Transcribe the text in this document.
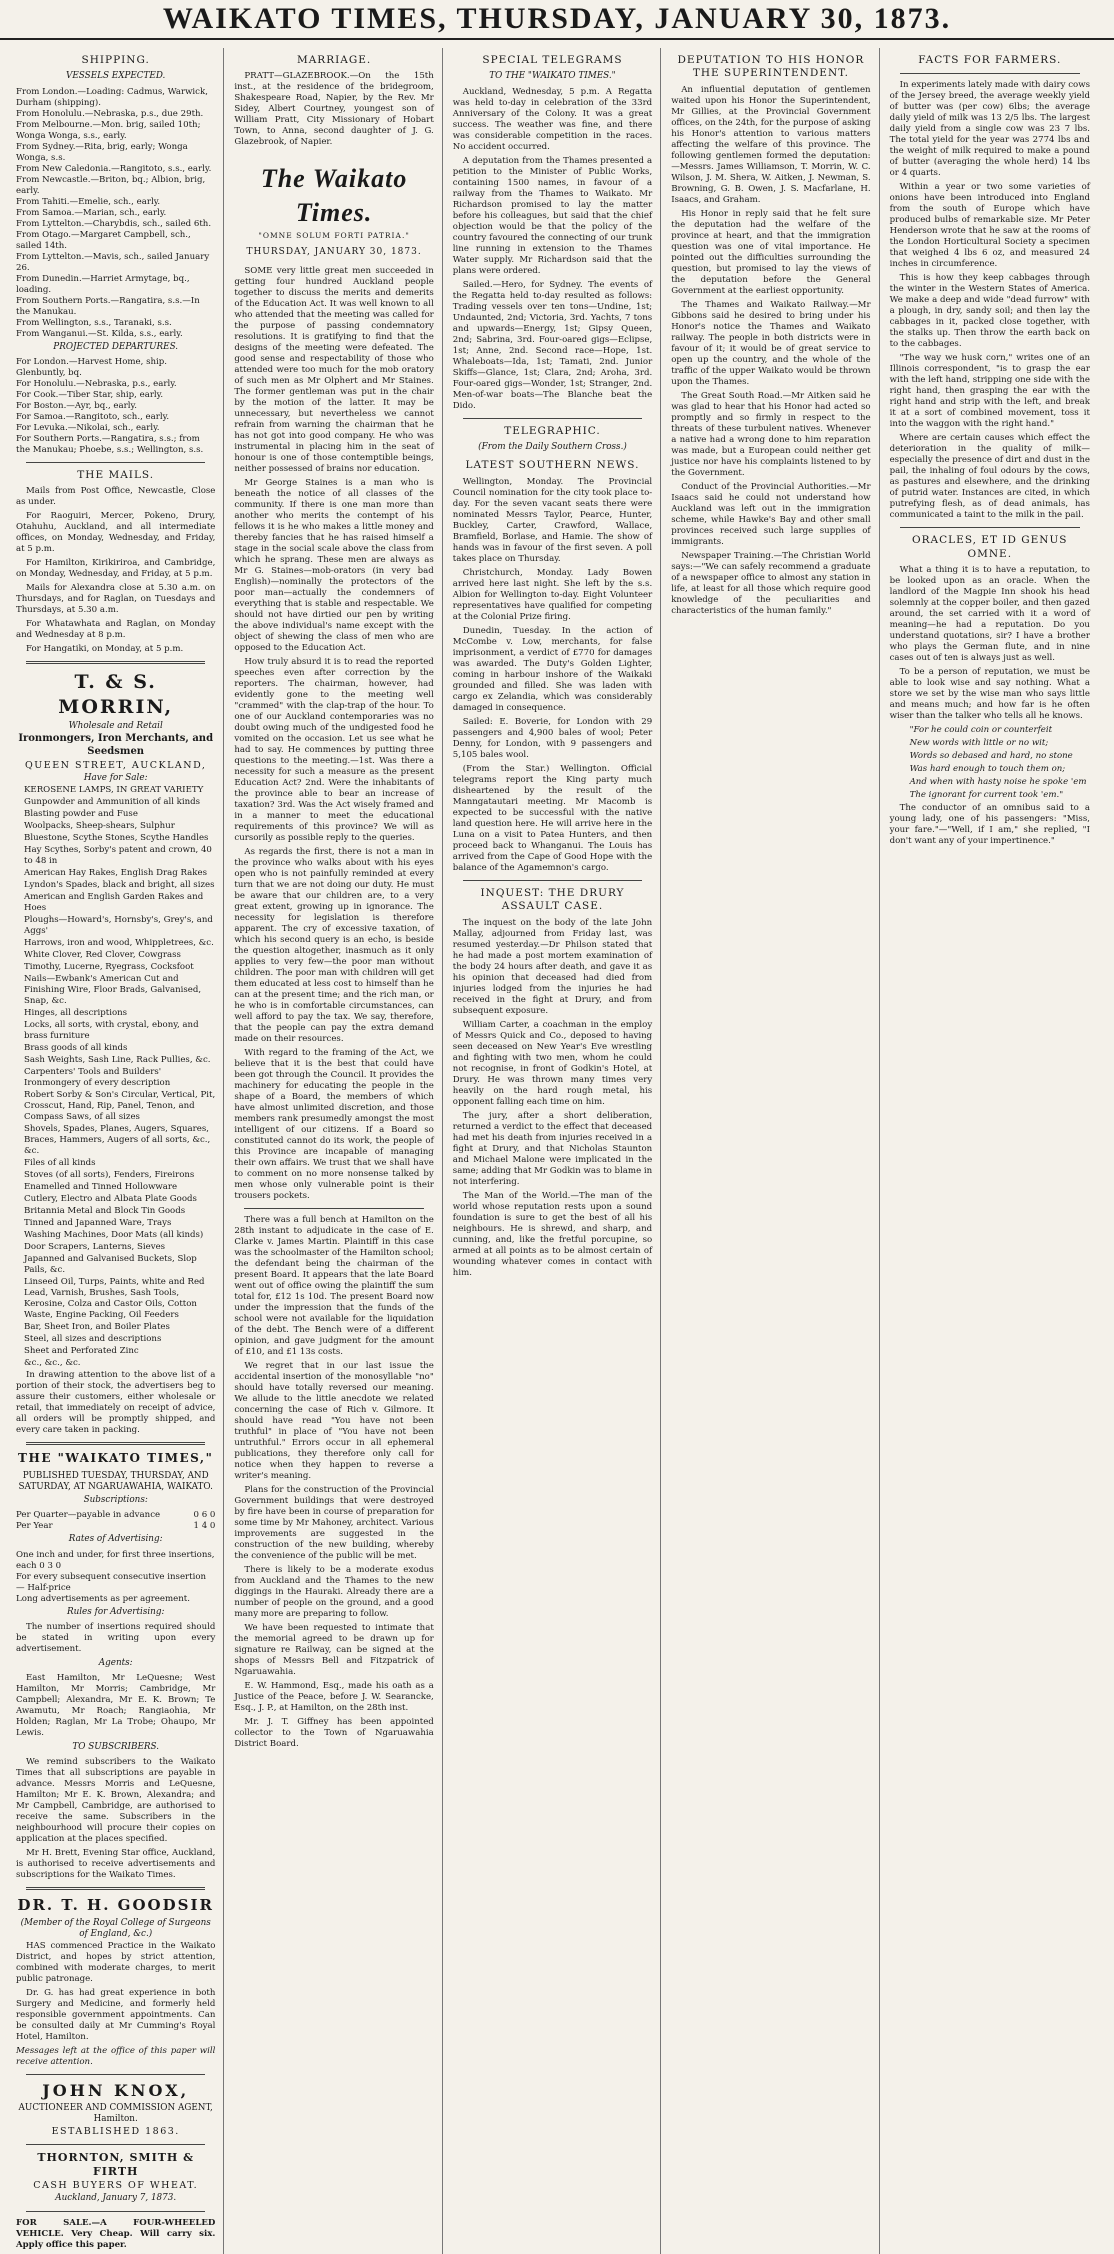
WAIKATO TIMES, THURSDAY, JANUARY 30, 1873.
SHIPPING.
VESSELS EXPECTED.

From London.—Loading: Cadmus, Warwick, Durham (shipping).

From Honolulu.—Nebraska, p.s., due 29th.

From Melbourne.—Mon. brig, sailed 10th; Wonga Wonga, s.s., early.

From Sydney.—Rita, brig, early; Wonga Wonga, s.s.

From New Caledonia.—Rangitoto, s.s., early.

From Newcastle.—Briton, bq.; Albion, brig, early.

From Tahiti.—Emelie, sch., early.

From Samoa.—Marian, sch., early.

From Lyttelton.—Charybdis, sch., sailed 6th.

From Otago.—Margaret Campbell, sch., sailed 14th.

From Lyttelton.—Mavis, sch., sailed January 26.

From Dunedin.—Harriet Armytage, bq., loading.

From Southern Ports.—Rangatira, s.s.—In the Manukau.

From Wellington, s.s., Taranaki, s.s.

From Wanganui.—St. Kilda, s.s., early.

PROJECTED DEPARTURES.

For London.—Harvest Home, ship. Glenbuntly, bq.

For Honolulu.—Nebraska, p.s., early.

For Cook.—Tiber Star, ship, early.

For Boston.—Ayr, bq., early.

For Samoa.—Rangitoto, sch., early.

For Levuka.—Nikolai, sch., early.

For Southern Ports.—Rangatira, s.s.; from the Manukau; Phoebe, s.s.; Wellington, s.s.

THE MAILS.

Mails from Post Office, Newcastle, Close as under.

For Raoguiri, Mercer, Pokeno, Drury, Otahuhu, Auckland, and all intermediate offices, on Monday, Wednesday, and Friday, at 5 p.m.

For Hamilton, Kirikiriroa, and Cambridge, on Monday, Wednesday, and Friday, at 5 p.m.

Mails for Alexandra close at 5.30 a.m. on Thursdays, and for Raglan, on Tuesdays and Thursdays, at 5.30 a.m.

For Whatawhata and Raglan, on Monday and Wednesday at 8 p.m.

For Hangatiki, on Monday, at 5 p.m.

T. & S. MORRIN,
Wholesale and Retail
Ironmongers, Iron Merchants, and Seedsmen
QUEEN STREET, AUCKLAND,
Have for Sale:

KEROSENE LAMPS, IN GREAT VARIETY

Gunpowder and Ammunition of all kinds

Blasting powder and Fuse

Woolpacks, Sheep-shears, Sulphur

Bluestone, Scythe Stones, Scythe Handles

Hay Scythes, Sorby's patent and crown, 40 to 48 in

American Hay Rakes, English Drag Rakes

Lyndon's Spades, black and bright, all sizes

American and English Garden Rakes and Hoes

Ploughs—Howard's, Hornsby's, Grey's, and Aggs'

Harrows, iron and wood, Whippletrees, &c.

White Clover, Red Clover, Cowgrass

Timothy, Lucerne, Ryegrass, Cocksfoot

Nails—Ewbank's American Cut and Finishing Wire, Floor Brads, Galvanised, Snap, &c.

Hinges, all descriptions

Locks, all sorts, with crystal, ebony, and brass furniture

Brass goods of all kinds

Sash Weights, Sash Line, Rack Pullies, &c.

Carpenters' Tools and Builders' Ironmongery of every description

Robert Sorby & Son's Circular, Vertical, Pit, Crosscut, Hand, Rip, Panel, Tenon, and Compass Saws, of all sizes

Shovels, Spades, Planes, Augers, Squares, Braces, Hammers, Augers of all sorts, &c., &c.

Files of all kinds

Stoves (of all sorts), Fenders, Fireirons

Enamelled and Tinned Hollowware

Cutlery, Electro and Albata Plate Goods

Britannia Metal and Block Tin Goods

Tinned and Japanned Ware, Trays

Washing Machines, Door Mats (all kinds)

Door Scrapers, Lanterns, Sieves

Japanned and Galvanised Buckets, Slop Pails, &c.

Linseed Oil, Turps, Paints, white and Red Lead, Varnish, Brushes, Sash Tools, Kerosine, Colza and Castor Oils, Cotton Waste, Engine Packing, Oil Feeders

Bar, Sheet Iron, and Boiler Plates

Steel, all sizes and descriptions

Sheet and Perforated Zinc

&c., &c., &c.

In drawing attention to the above list of a portion of their stock, the advertisers beg to assure their customers, either wholesale or retail, that immediately on receipt of advice, all orders will be promptly shipped, and every care taken in packing.

THE "WAIKATO TIMES,"
PUBLISHED TUESDAY, THURSDAY, AND SATURDAY, AT NGARUAWAHIA, WAIKATO.
Subscriptions:
Per Quarter—payable in advance	0 6 0
Per Year	1 4 0
Rates of Advertising:

One inch and under, for first three insertions, each 0 3 0

For every subsequent consecutive insertion — Half-price

Long advertisements as per agreement.

Rules for Advertising:

The number of insertions required should be stated in writing upon every advertisement.

Agents:

East Hamilton, Mr LeQuesne; West Hamilton, Mr Morris; Cambridge, Mr Campbell; Alexandra, Mr E. K. Brown; Te Awamutu, Mr Roach; Rangiaohia, Mr Holden; Raglan, Mr La Trobe; Ohaupo, Mr Lewis.

TO SUBSCRIBERS.

We remind subscribers to the Waikato Times that all subscriptions are payable in advance. Messrs Morris and LeQuesne, Hamilton; Mr E. K. Brown, Alexandra; and Mr Campbell, Cambridge, are authorised to receive the same. Subscribers in the neighbourhood will procure their copies on application at the places specified.

Mr H. Brett, Evening Star office, Auckland, is authorised to receive advertisements and subscriptions for the Waikato Times.

DR. T. H. GOODSIR
(Member of the Royal College of Surgeons of England, &c.)

HAS commenced Practice in the Waikato District, and hopes by strict attention, combined with moderate charges, to merit public patronage.

Dr. G. has had great experience in both Surgery and Medicine, and formerly held responsible government appointments. Can be consulted daily at Mr Cumming's Royal Hotel, Hamilton.

Messages left at the office of this paper will receive attention.

JOHN KNOX,
AUCTIONEER AND COMMISSION AGENT, Hamilton.
ESTABLISHED 1863.
THORNTON, SMITH & FIRTH
CASH BUYERS OF WHEAT.
Auckland, January 7, 1873.

FOR SALE.—A FOUR-WHEELED VEHICLE. Very Cheap. Will carry six. Apply office this paper.

MARRIAGE.

PRATT—GLAZEBROOK.—On the 15th inst., at the residence of the bridegroom, Shakespeare Road, Napier, by the Rev. Mr Sidey, Albert Courtney, youngest son of William Pratt, City Missionary of Hobart Town, to Anna, second daughter of J. G. Glazebrook, of Napier.

The Waikato Times.
"OMNE SOLUM FORTI PATRIA."
THURSDAY, JANUARY 30, 1873.

SOME very little great men succeeded in getting four hundred Auckland people together to discuss the merits and demerits of the Education Act. It was well known to all who attended that the meeting was called for the purpose of passing condemnatory resolutions. It is gratifying to find that the designs of the meeting were defeated. The good sense and respectability of those who attended were too much for the mob oratory of such men as Mr Olphert and Mr Staines. The former gentleman was put in the chair by the motion of the latter. It may be unnecessary, but nevertheless we cannot refrain from warning the chairman that he has not got into good company. He who was instrumental in placing him in the seat of honour is one of those contemptible beings, neither possessed of brains nor education.

Mr George Staines is a man who is beneath the notice of all classes of the community. If there is one man more than another who merits the contempt of his fellows it is he who makes a little money and thereby fancies that he has raised himself a stage in the social scale above the class from which he sprang. These men are always as Mr G. Staines—mob-orators (in very bad English)—nominally the protectors of the poor man—actually the condemners of everything that is stable and respectable. We should not have dirtied our pen by writing the above individual's name except with the object of shewing the class of men who are opposed to the Education Act.

How truly absurd it is to read the reported speeches even after correction by the reporters. The chairman, however, had evidently gone to the meeting well "crammed" with the clap-trap of the hour. To one of our Auckland contemporaries was no doubt owing much of the undigested food he vomited on the occasion. Let us see what he had to say. He commences by putting three questions to the meeting.—1st. Was there a necessity for such a measure as the present Education Act? 2nd. Were the inhabitants of the province able to bear an increase of taxation? 3rd. Was the Act wisely framed and in a manner to meet the educational requirements of this province? We will as cursorily as possible reply to the queries.

As regards the first, there is not a man in the province who walks about with his eyes open who is not painfully reminded at every turn that we are not doing our duty. He must be aware that our children are, to a very great extent, growing up in ignorance. The necessity for legislation is therefore apparent. The cry of excessive taxation, of which his second query is an echo, is beside the question altogether, inasmuch as it only applies to very few—the poor man without children. The poor man with children will get them educated at less cost to himself than he can at the present time; and the rich man, or he who is in comfortable circumstances, can well afford to pay the tax. We say, therefore, that the people can pay the extra demand made on their resources.

With regard to the framing of the Act, we believe that it is the best that could have been got through the Council. It provides the machinery for educating the people in the shape of a Board, the members of which have almost unlimited discretion, and those members rank presumedly amongst the most intelligent of our citizens. If a Board so constituted cannot do its work, the people of this Province are incapable of managing their own affairs. We trust that we shall have to comment on no more nonsense talked by men whose only vulnerable point is their trousers pockets.

There was a full bench at Hamilton on the 28th instant to adjudicate in the case of E. Clarke v. James Martin. Plaintiff in this case was the schoolmaster of the Hamilton school; the defendant being the chairman of the present Board. It appears that the late Board went out of office owing the plaintiff the sum total for, £12 1s 10d. The present Board now under the impression that the funds of the school were not available for the liquidation of the debt. The Bench were of a different opinion, and gave judgment for the amount of £10, and £1 13s costs.

We regret that in our last issue the accidental insertion of the monosyllable "no" should have totally reversed our meaning. We allude to the little anecdote we related concerning the case of Rich v. Gilmore. It should have read "You have not been truthful" in place of "You have not been untruthful." Errors occur in all ephemeral publications, they therefore only call for notice when they happen to reverse a writer's meaning.

Plans for the construction of the Provincial Government buildings that were destroyed by fire have been in course of preparation for some time by Mr Mahoney, architect. Various improvements are suggested in the construction of the new building, whereby the convenience of the public will be met.

There is likely to be a moderate exodus from Auckland and the Thames to the new diggings in the Hauraki. Already there are a number of people on the ground, and a good many more are preparing to follow.

We have been requested to intimate that the memorial agreed to be drawn up for signature re Railway, can be signed at the shops of Messrs Bell and Fitzpatrick of Ngaruawahia.

E. W. Hammond, Esq., made his oath as a Justice of the Peace, before J. W. Searancke, Esq., J. P., at Hamilton, on the 28th inst.

Mr. J. T. Giffney has been appointed collector to the Town of Ngaruawahia District Board.

SPECIAL TELEGRAMS
TO THE "WAIKATO TIMES."

Auckland, Wednesday, 5 p.m. A Regatta was held to-day in celebration of the 33rd Anniversary of the Colony. It was a great success. The weather was fine, and there was considerable competition in the races. No accident occurred.

A deputation from the Thames presented a petition to the Minister of Public Works, containing 1500 names, in favour of a railway from the Thames to Waikato. Mr Richardson promised to lay the matter before his colleagues, but said that the chief objection would be that the policy of the country favoured the connecting of our trunk line running in extension to the Thames Water supply. Mr Richardson said that the plans were ordered.

Sailed.—Hero, for Sydney. The events of the Regatta held to-day resulted as follows: Trading vessels over ten tons—Undine, 1st; Undaunted, 2nd; Victoria, 3rd. Yachts, 7 tons and upwards—Energy, 1st; Gipsy Queen, 2nd; Sabrina, 3rd. Four-oared gigs—Eclipse, 1st; Anne, 2nd. Second race—Hope, 1st. Whaleboats—Ida, 1st; Tamati, 2nd. Junior Skiffs—Glance, 1st; Clara, 2nd; Aroha, 3rd. Four-oared gigs—Wonder, 1st; Stranger, 2nd. Men-of-war boats—The Blanche beat the Dido.

TELEGRAPHIC.
(From the Daily Southern Cross.)
LATEST SOUTHERN NEWS.

Wellington, Monday. The Provincial Council nomination for the city took place to-day. For the seven vacant seats there were nominated Messrs Taylor, Pearce, Hunter, Buckley, Carter, Crawford, Wallace, Bramfield, Borlase, and Hamie. The show of hands was in favour of the first seven. A poll takes place on Thursday.

Christchurch, Monday. Lady Bowen arrived here last night. She left by the s.s. Albion for Wellington to-day. Eight Volunteer representatives have qualified for competing at the Colonial Prize firing.

Dunedin, Tuesday. In the action of McCombe v. Low, merchants, for false imprisonment, a verdict of £770 for damages was awarded. The Duty's Golden Lighter, coming in harbour inshore of the Waikaki grounded and filled. She was laden with cargo ex Zelandia, which was considerably damaged in consequence.

Sailed: E. Boverie, for London with 29 passengers and 4,900 bales of wool; Peter Denny, for London, with 9 passengers and 5,105 bales wool.

(From the Star.) Wellington. Official telegrams report the King party much disheartened by the result of the Manngatautari meeting. Mr Macomb is expected to be successful with the native land question here. He will arrive here in the Luna on a visit to Patea Hunters, and then proceed back to Whanganui. The Louis has arrived from the Cape of Good Hope with the balance of the Agamemnon's cargo.

INQUEST: THE DRURY ASSAULT CASE.

The inquest on the body of the late John Mallay, adjourned from Friday last, was resumed yesterday.—Dr Philson stated that he had made a post mortem examination of the body 24 hours after death, and gave it as his opinion that deceased had died from injuries lodged from the injuries he had received in the fight at Drury, and from subsequent exposure.

William Carter, a coachman in the employ of Messrs Quick and Co., deposed to having seen deceased on New Year's Eve wrestling and fighting with two men, whom he could not recognise, in front of Godkin's Hotel, at Drury. He was thrown many times very heavily on the hard rough metal, his opponent falling each time on him.

The jury, after a short deliberation, returned a verdict to the effect that deceased had met his death from injuries received in a fight at Drury, and that Nicholas Staunton and Michael Malone were implicated in the same; adding that Mr Godkin was to blame in not interfering.

The Man of the World.—The man of the world whose reputation rests upon a sound foundation is sure to get the best of all his neighbours. He is shrewd, and sharp, and cunning, and, like the fretful porcupine, so armed at all points as to be almost certain of wounding whatever comes in contact with him.

DEPUTATION TO HIS HONOR THE SUPERINTENDENT.

An influential deputation of gentlemen waited upon his Honor the Superintendent, Mr Gillies, at the Provincial Government offices, on the 24th, for the purpose of asking his Honor's attention to various matters affecting the welfare of this province. The following gentlemen formed the deputation:—Messrs. James Williamson, T. Morrin, W. C. Wilson, J. M. Shera, W. Aitken, J. Newman, S. Browning, G. B. Owen, J. S. Macfarlane, H. Isaacs, and Graham.

His Honor in reply said that he felt sure the deputation had the welfare of the province at heart, and that the immigration question was one of vital importance. He pointed out the difficulties surrounding the question, but promised to lay the views of the deputation before the General Government at the earliest opportunity.

The Thames and Waikato Railway.—Mr Gibbons said he desired to bring under his Honor's notice the Thames and Waikato railway. The people in both districts were in favour of it; it would be of great service to open up the country, and the whole of the traffic of the upper Waikato would be thrown upon the Thames.

The Great South Road.—Mr Aitken said he was glad to hear that his Honor had acted so promptly and so firmly in respect to the threats of these turbulent natives. Whenever a native had a wrong done to him reparation was made, but a European could neither get justice nor have his complaints listened to by the Government.

Conduct of the Provincial Authorities.—Mr Isaacs said he could not understand how Auckland was left out in the immigration scheme, while Hawke's Bay and other small provinces received such large supplies of immigrants.

Newspaper Training.—The Christian World says:—"We can safely recommend a graduate of a newspaper office to almost any station in life, at least for all those which require good knowledge of the peculiarities and characteristics of the human family."

FACTS FOR FARMERS.

In experiments lately made with dairy cows of the Jersey breed, the average weekly yield of butter was (per cow) 6lbs; the average daily yield of milk was 13 2/5 lbs. The largest daily yield from a single cow was 23 7 lbs. The total yield for the year was 2774 lbs and the weight of milk required to make a pound of butter (averaging the whole herd) 14 lbs or 4 quarts.

Within a year or two some varieties of onions have been introduced into England from the south of Europe which have produced bulbs of remarkable size. Mr Peter Henderson wrote that he saw at the rooms of the London Horticultural Society a specimen that weighed 4 lbs 6 oz, and measured 24 inches in circumference.

This is how they keep cabbages through the winter in the Western States of America. We make a deep and wide "dead furrow" with a plough, in dry, sandy soil; and then lay the cabbages in it, packed close together, with the stalks up. Then throw the earth back on to the cabbages.

"The way we husk corn," writes one of an Illinois correspondent, "is to grasp the ear with the left hand, stripping one side with the right hand, then grasping the ear with the right hand and strip with the left, and break it at a sort of combined movement, toss it into the waggon with the right hand."

Where are certain causes which effect the deterioration in the quality of milk—especially the presence of dirt and dust in the pail, the inhaling of foul odours by the cows, as pastures and elsewhere, and the drinking of putrid water. Instances are cited, in which putrefying flesh, as of dead animals, has communicated a taint to the milk in the pail.

ORACLES, ET ID GENUS OMNE.

What a thing it is to have a reputation, to be looked upon as an oracle. When the landlord of the Magpie Inn shook his head solemnly at the copper boiler, and then gazed around, the set carried with it a word of meaning—he had a reputation. Do you understand quotations, sir? I have a brother who plays the German flute, and in nine cases out of ten is always just as well.

To be a person of reputation, we must be able to look wise and say nothing. What a store we set by the wise man who says little and means much; and how far is he often wiser than the talker who tells all he knows.

"For he could coin or counterfeit

New words with little or no wit;

Words so debased and hard, no stone

Was hard enough to touch them on;

And when with hasty noise he spoke 'em

The ignorant for current took 'em."

The conductor of an omnibus said to a young lady, one of his passengers: "Miss, your fare."—"Well, if I am," she replied, "I don't want any of your impertinence."
